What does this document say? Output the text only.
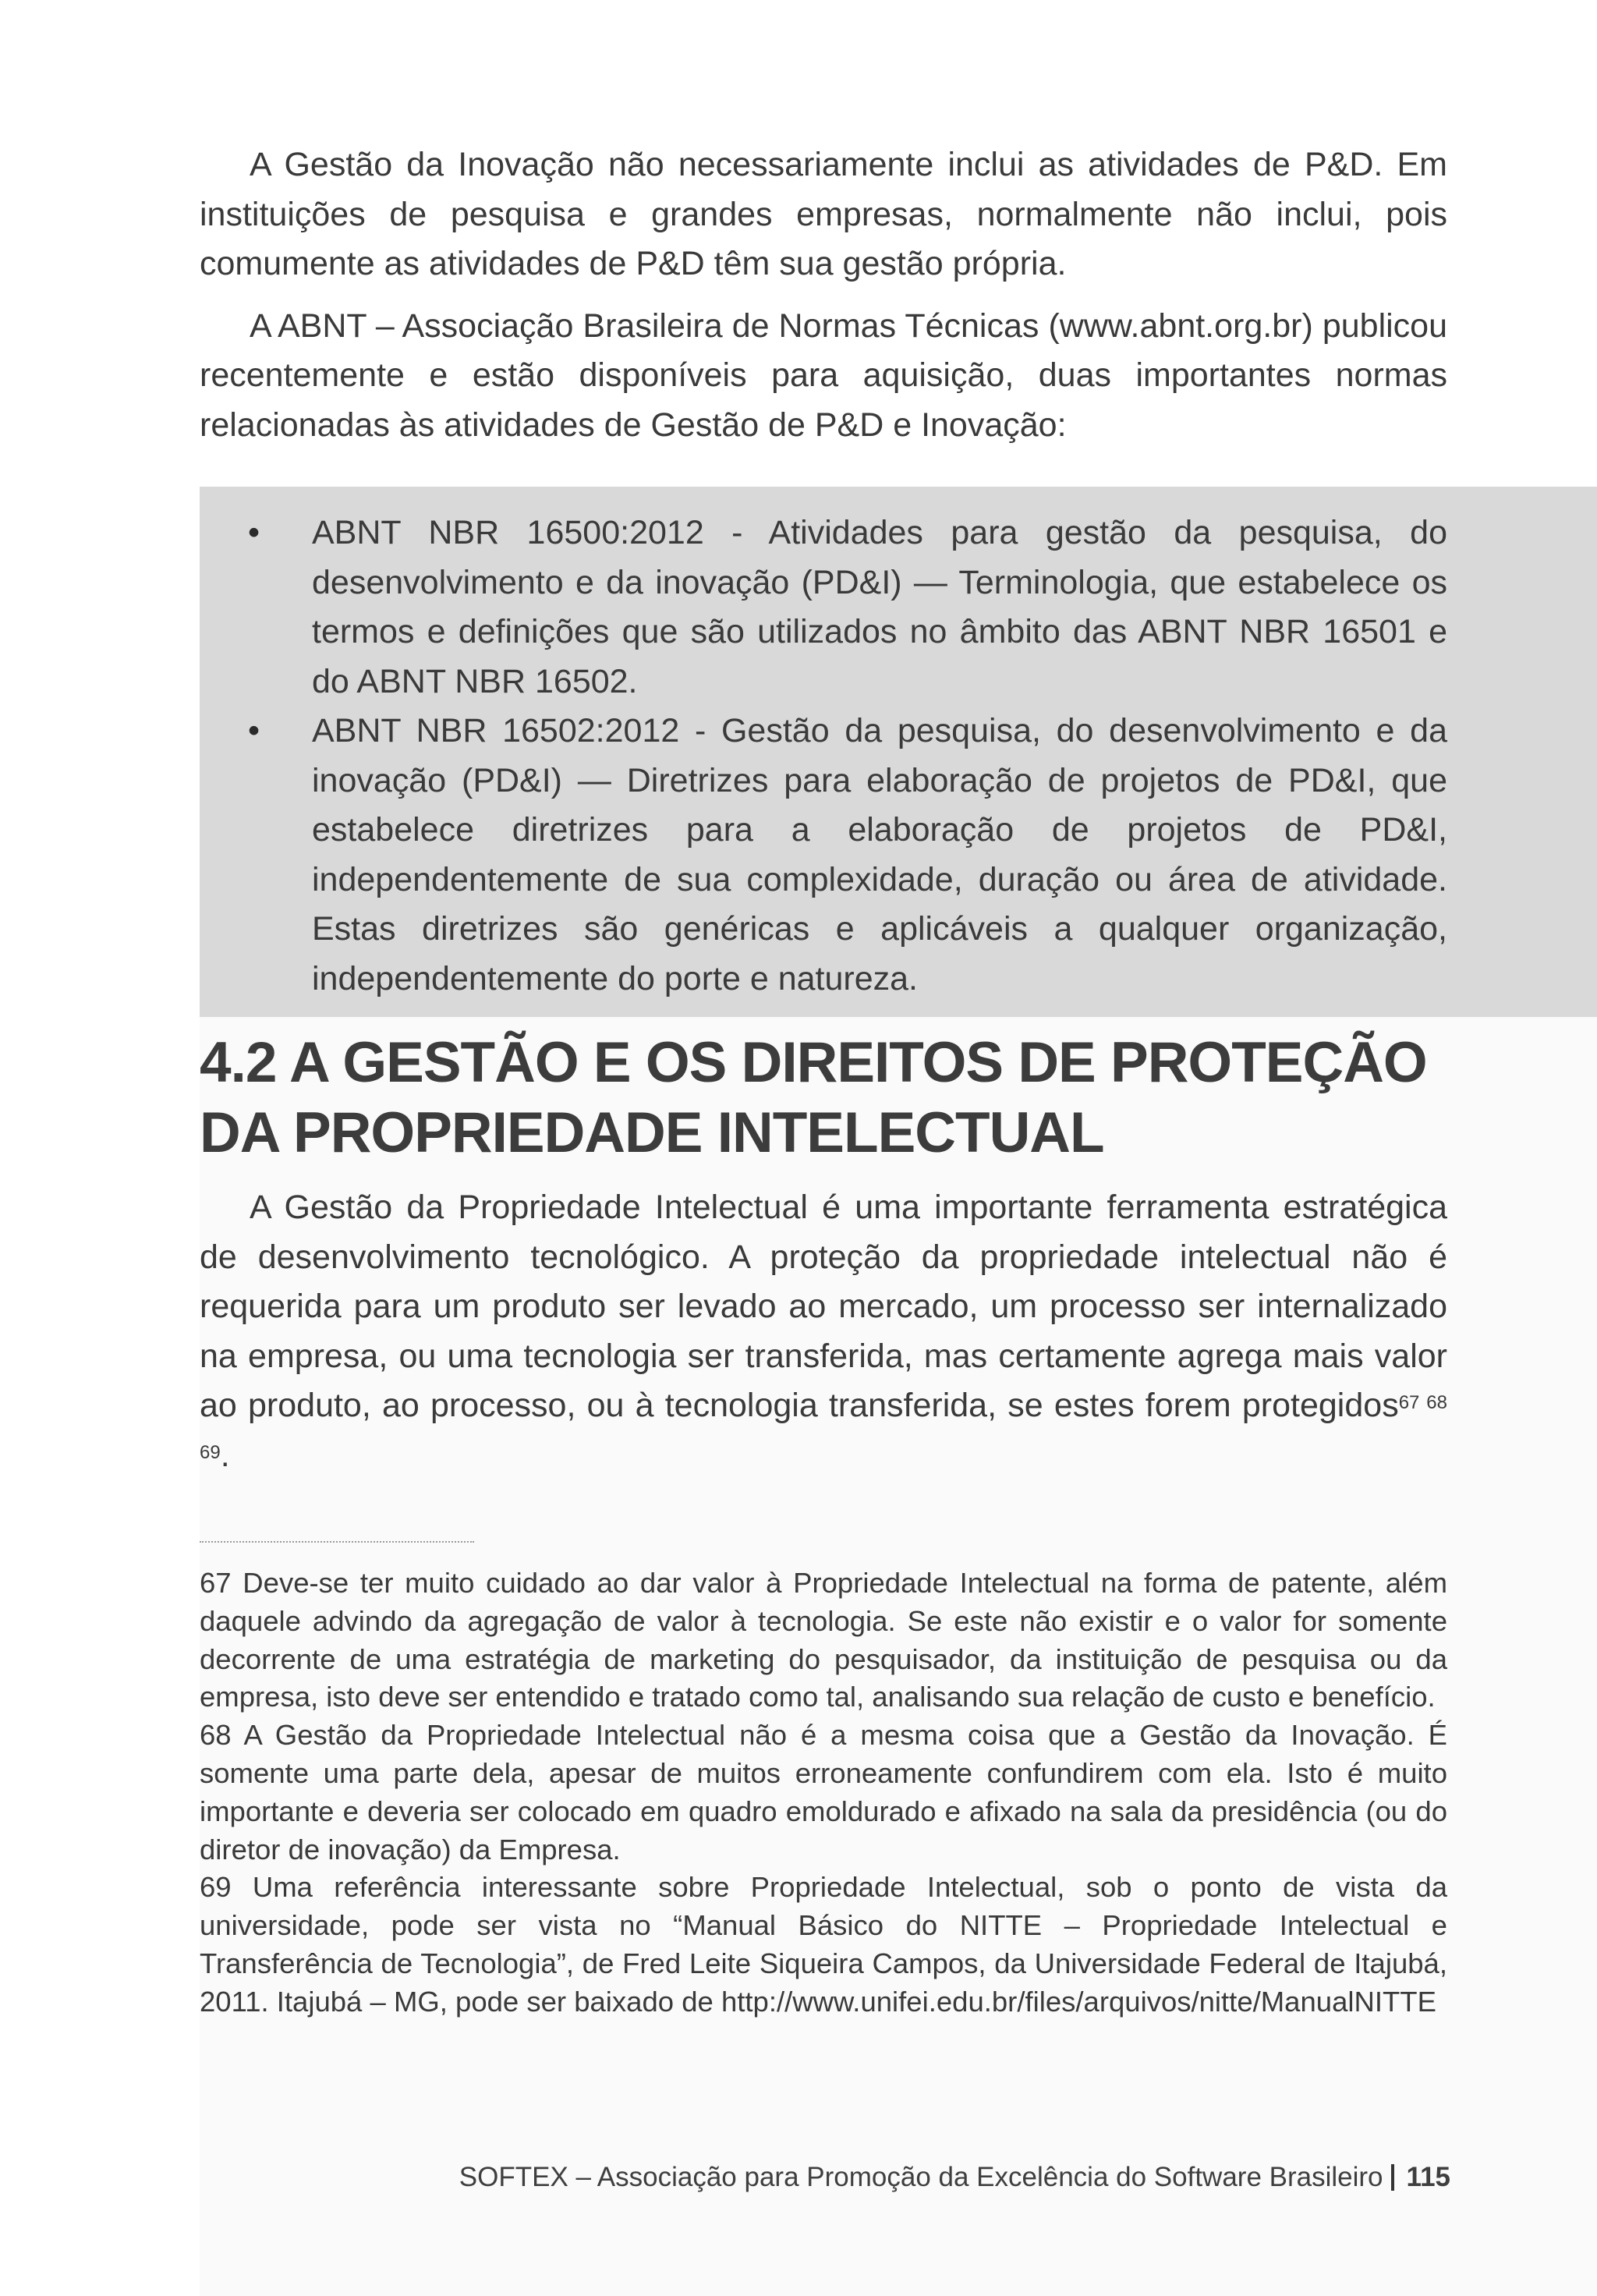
A Gestão da Inovação não necessariamente inclui as atividades de P&D. Em instituições de pesquisa e grandes empresas, normalmente não inclui, pois comumente as atividades de P&D têm sua gestão própria.

A ABNT – Associação Brasileira de Normas Técnicas (www.abnt.org.br) publicou recentemente e estão disponíveis para aquisição, duas importantes normas relacionadas às atividades de Gestão de P&D e Inovação:

• ABNT NBR 16500:2012 - Atividades para gestão da pesquisa, do desenvolvimento e da inovação (PD&I) — Terminologia, que estabelece os termos e definições que são utilizados no âmbito das ABNT NBR 16501 e do ABNT NBR 16502.
• ABNT NBR 16502:2012 - Gestão da pesquisa, do desenvolvimento e da inovação (PD&I) — Diretrizes para elaboração de projetos de PD&I, que estabelece diretrizes para a elaboração de projetos de PD&I, independentemente de sua complexidade, duração ou área de atividade. Estas diretrizes são genéricas e aplicáveis a qualquer organização, independentemente do porte e natureza.
4.2 A GESTÃO E OS DIREITOS DE PROTEÇÃO DA PROPRIEDADE INTELECTUAL

A Gestão da Propriedade Intelectual é uma importante ferramenta estratégica de desenvolvimento tecnológico. A proteção da propriedade intelectual não é requerida para um produto ser levado ao mercado, um processo ser internalizado na empresa, ou uma tecnologia ser transferida, mas certamente agrega mais valor ao produto, ao processo, ou à tecnologia transferida, se estes forem protegidos$^{67 68 69}$.

67 Deve-se ter muito cuidado ao dar valor à Propriedade Intelectual na forma de patente, além daquele advindo da agregação de valor à tecnologia. Se este não existir e o valor for somente decorrente de uma estratégia de marketing do pesquisador, da instituição de pesquisa ou da empresa, isto deve ser entendido e tratado como tal, analisando sua relação de custo e benefício.

68 A Gestão da Propriedade Intelectual não é a mesma coisa que a Gestão da Inovação. É somente uma parte dela, apesar de muitos erroneamente confundirem com ela. Isto é muito importante e deveria ser colocado em quadro emoldurado e afixado na sala da presidência (ou do diretor de inovação) da Empresa.

69 Uma referência interessante sobre Propriedade Intelectual, sob o ponto de vista da universidade, pode ser vista no “Manual Básico do NITTE – Propriedade Intelectual e Transferência de Tecnologia”, de Fred Leite Siqueira Campos, da Universidade Federal de Itajubá, 2011. Itajubá – MG, pode ser baixado de http://www.unifei.edu.br/files/arquivos/nitte/ManualNITTE

SOFTEX – Associação para Promoção da Excelência do Software Brasileiro 115
